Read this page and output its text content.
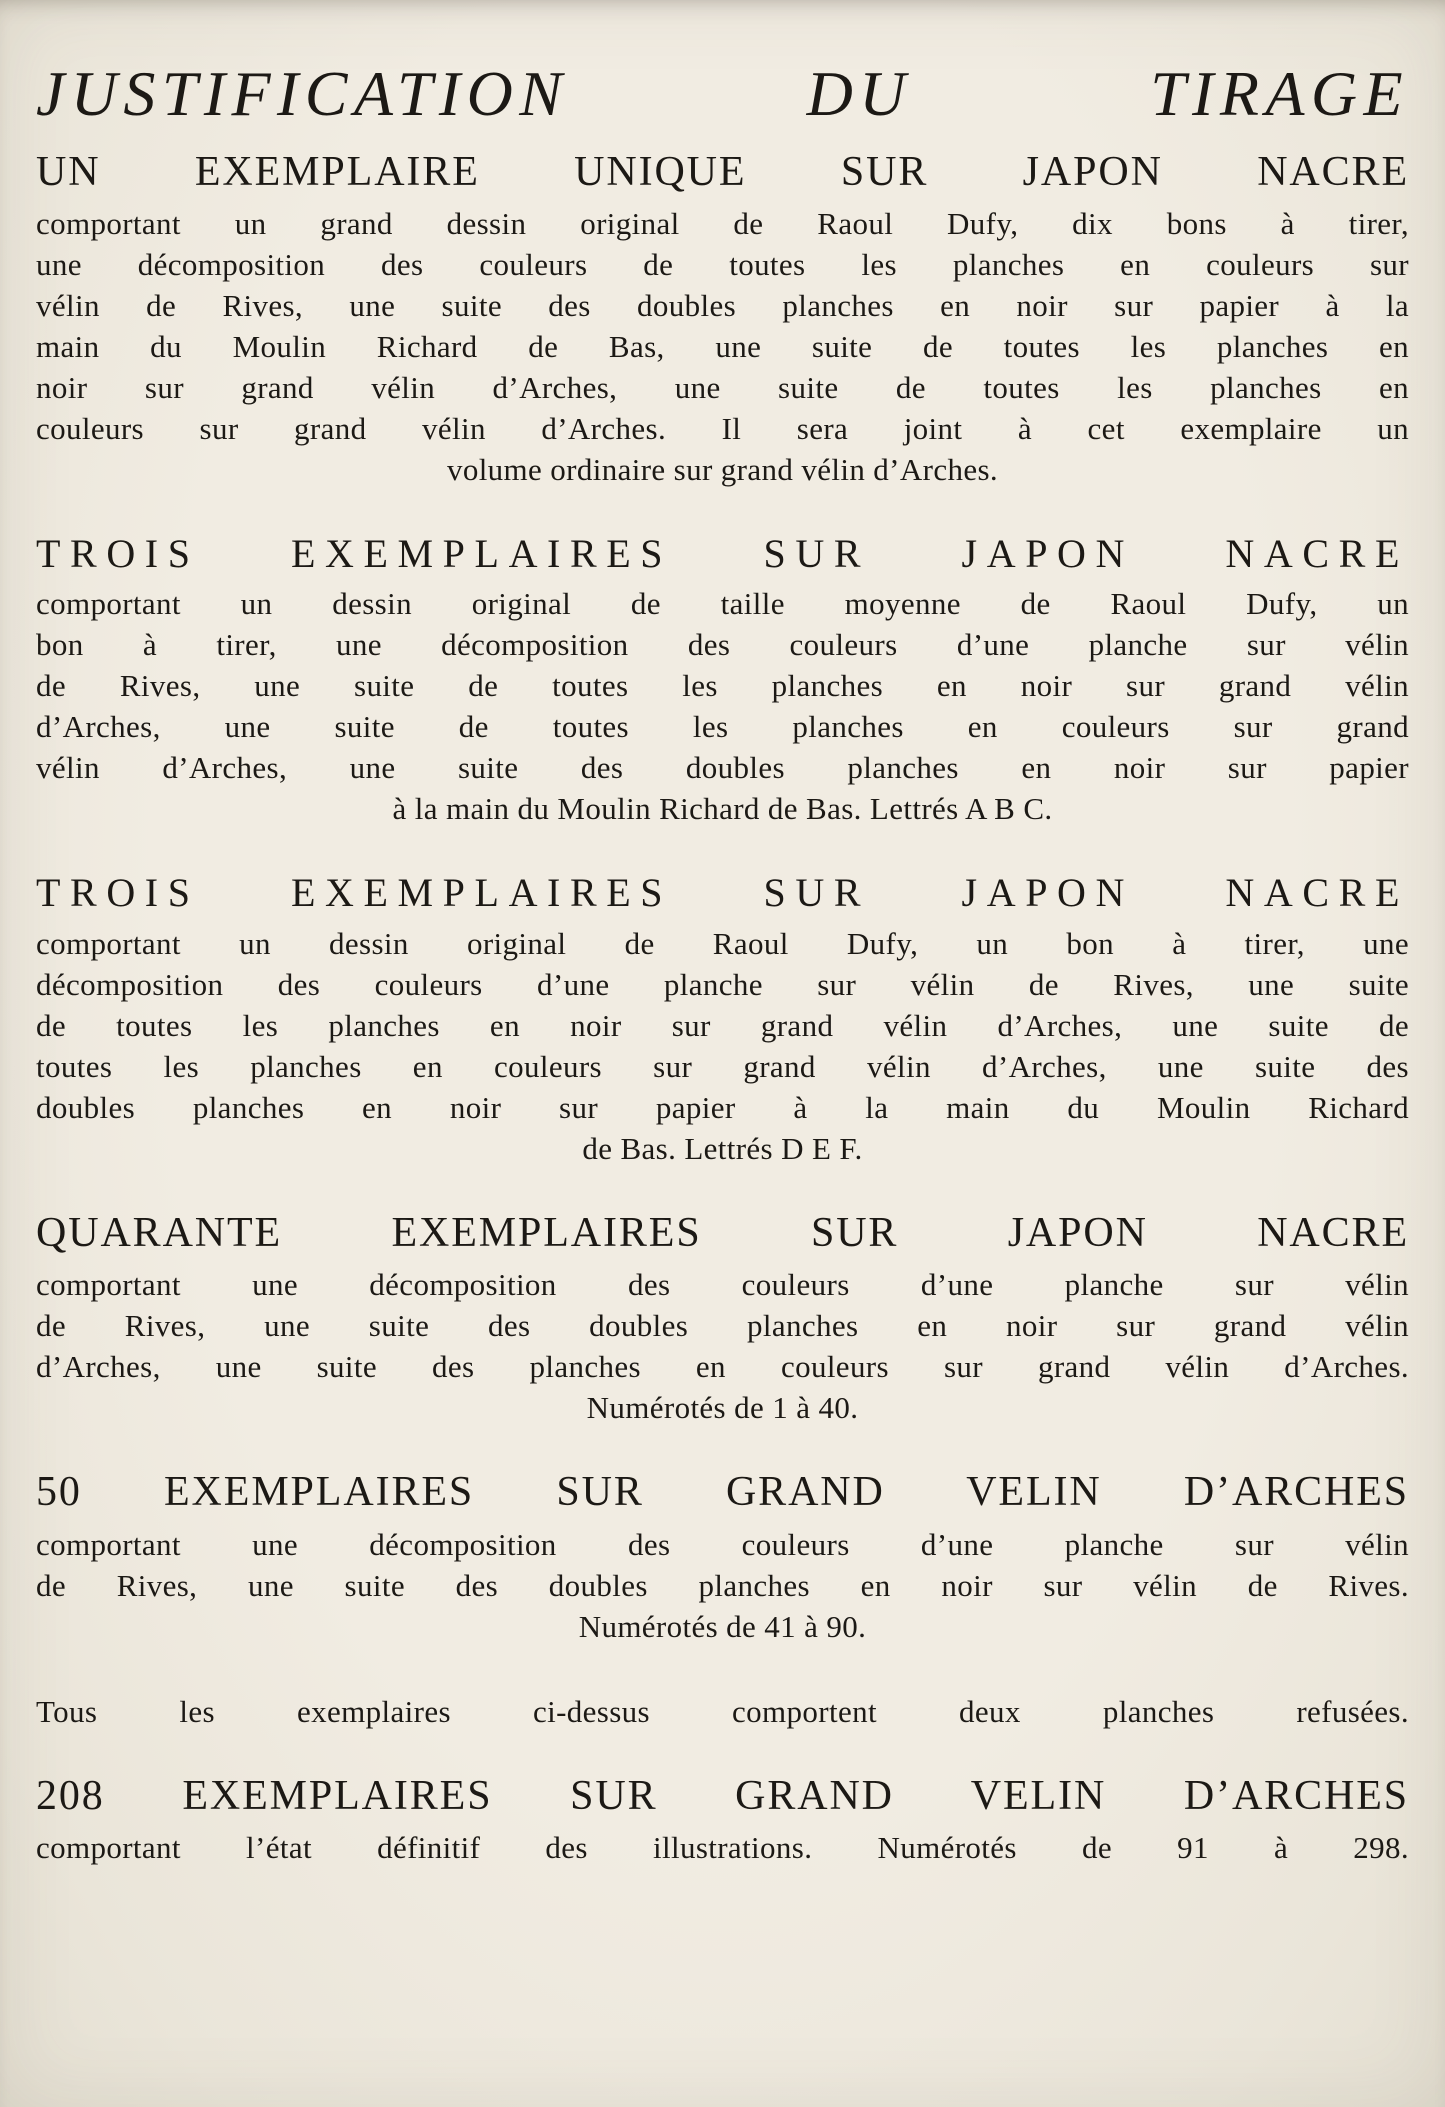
JUSTIFICATION DU TIRAGE
UN EXEMPLAIRE UNIQUE SUR JAPON NACRE
comportant un grand dessin original de Raoul Dufy, dix bons à tirer,
une décomposition des couleurs de toutes les planches en couleurs sur
vélin de Rives, une suite des doubles planches en noir sur papier à la
main du Moulin Richard de Bas, une suite de toutes les planches en
noir sur grand vélin d’Arches, une suite de toutes les planches en
couleurs sur grand vélin d’Arches. Il sera joint à cet exemplaire un
volume ordinaire sur grand vélin d’Arches.
TROIS EXEMPLAIRES SUR JAPON NACRE
comportant un dessin original de taille moyenne de Raoul Dufy, un
bon à tirer, une décomposition des couleurs d’une planche sur vélin
de Rives, une suite de toutes les planches en noir sur grand vélin
d’Arches, une suite de toutes les planches en couleurs sur grand
vélin d’Arches, une suite des doubles planches en noir sur papier
à la main du Moulin Richard de Bas. Lettrés A B C.
TROIS EXEMPLAIRES SUR JAPON NACRE
comportant un dessin original de Raoul Dufy, un bon à tirer, une
décomposition des couleurs d’une planche sur vélin de Rives, une suite
de toutes les planches en noir sur grand vélin d’Arches, une suite de
toutes les planches en couleurs sur grand vélin d’Arches, une suite des
doubles planches en noir sur papier à la main du Moulin Richard
de Bas. Lettrés D E F.
QUARANTE EXEMPLAIRES SUR JAPON NACRE
comportant une décomposition des couleurs d’une planche sur vélin
de Rives, une suite des doubles planches en noir sur grand vélin
d’Arches, une suite des planches en couleurs sur grand vélin d’Arches.
Numérotés de 1 à 40.
50 EXEMPLAIRES SUR GRAND VELIN D’ARCHES
comportant une décomposition des couleurs d’une planche sur vélin
de Rives, une suite des doubles planches en noir sur vélin de Rives.
Numérotés de 41 à 90.
Tous les exemplaires ci-dessus comportent deux planches refusées.
208 EXEMPLAIRES SUR GRAND VELIN D’ARCHES
comportant l’état définitif des illustrations. Numérotés de 91 à 298.
